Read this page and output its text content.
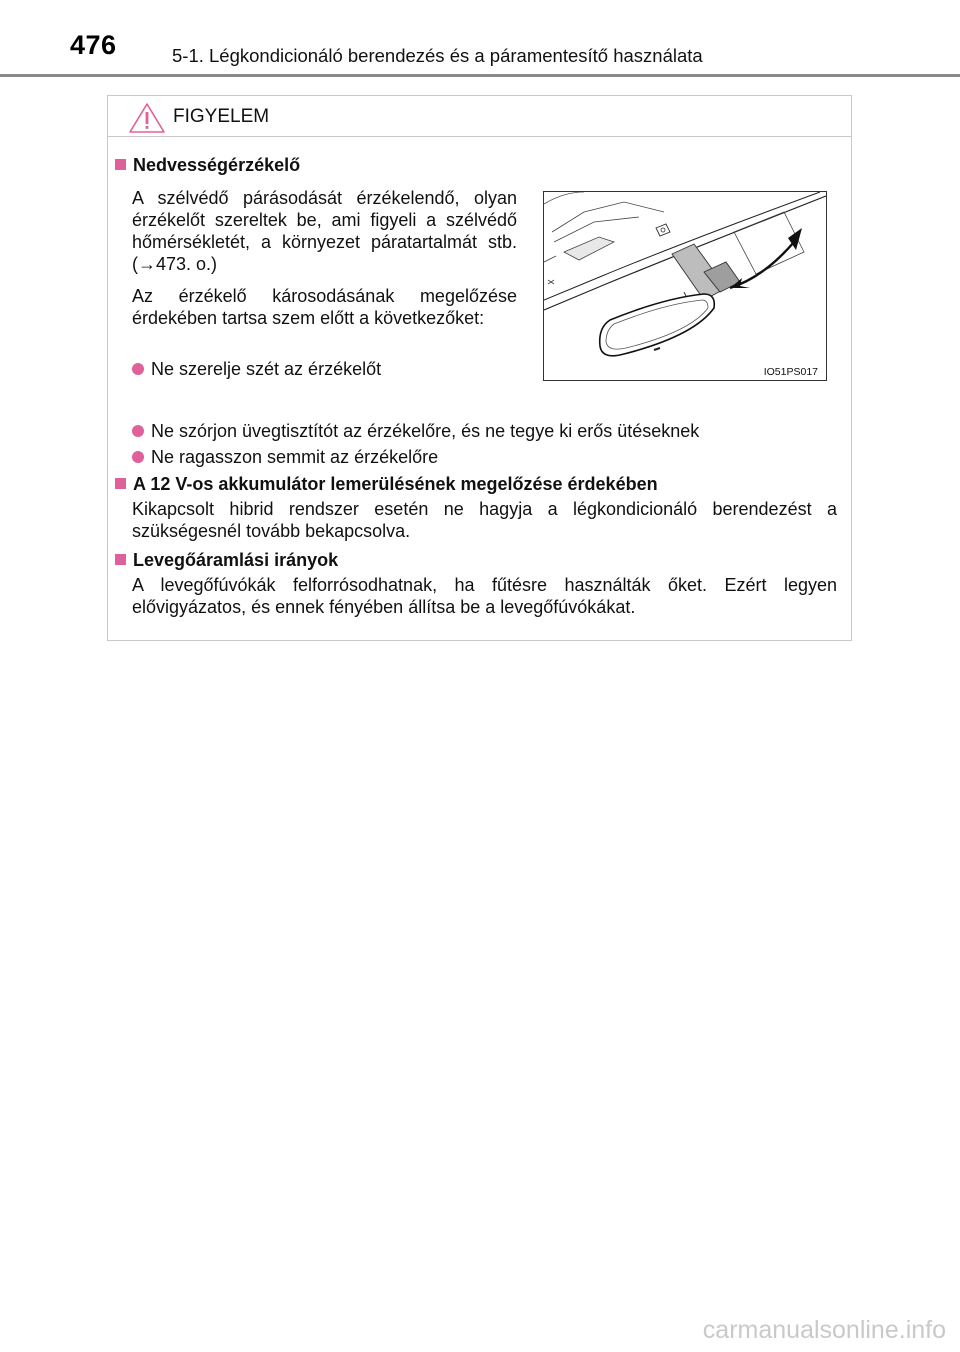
476	5-1. Légkondicionáló berendezés és a páramentesítő használata
FIGYELEM
Nedvességérzékelő
A szélvédő párásodását érzékelendő, olyan érzékelőt szereltek be, ami figyeli a szélvédő hőmérsékletét, a környezet páratartalmát stb. (→473. o.)
Az érzékelő károsodásának megelőzése érdekében tartsa szem előtt a következőket:
Ne szerelje szét az érzékelőt	IO51PS017
Ne szórjon üvegtisztítót az érzékelőre, és ne tegye ki erős ütéseknek
Ne ragasszon semmit az érzékelőre
A 12 V-os akkumulátor lemerülésének megelőzése érdekében
Kikapcsolt hibrid rendszer esetén ne hagyja a légkondicionáló berendezést a szükségesnél tovább bekapcsolva.
Levegőáramlási irányok
A levegőfúvókák felforrósodhatnak, ha fűtésre használták őket. Ezért legyen elővigyázatos, és ennek fényében állítsa be a levegőfúvókákat.
carmanualsonline.info
